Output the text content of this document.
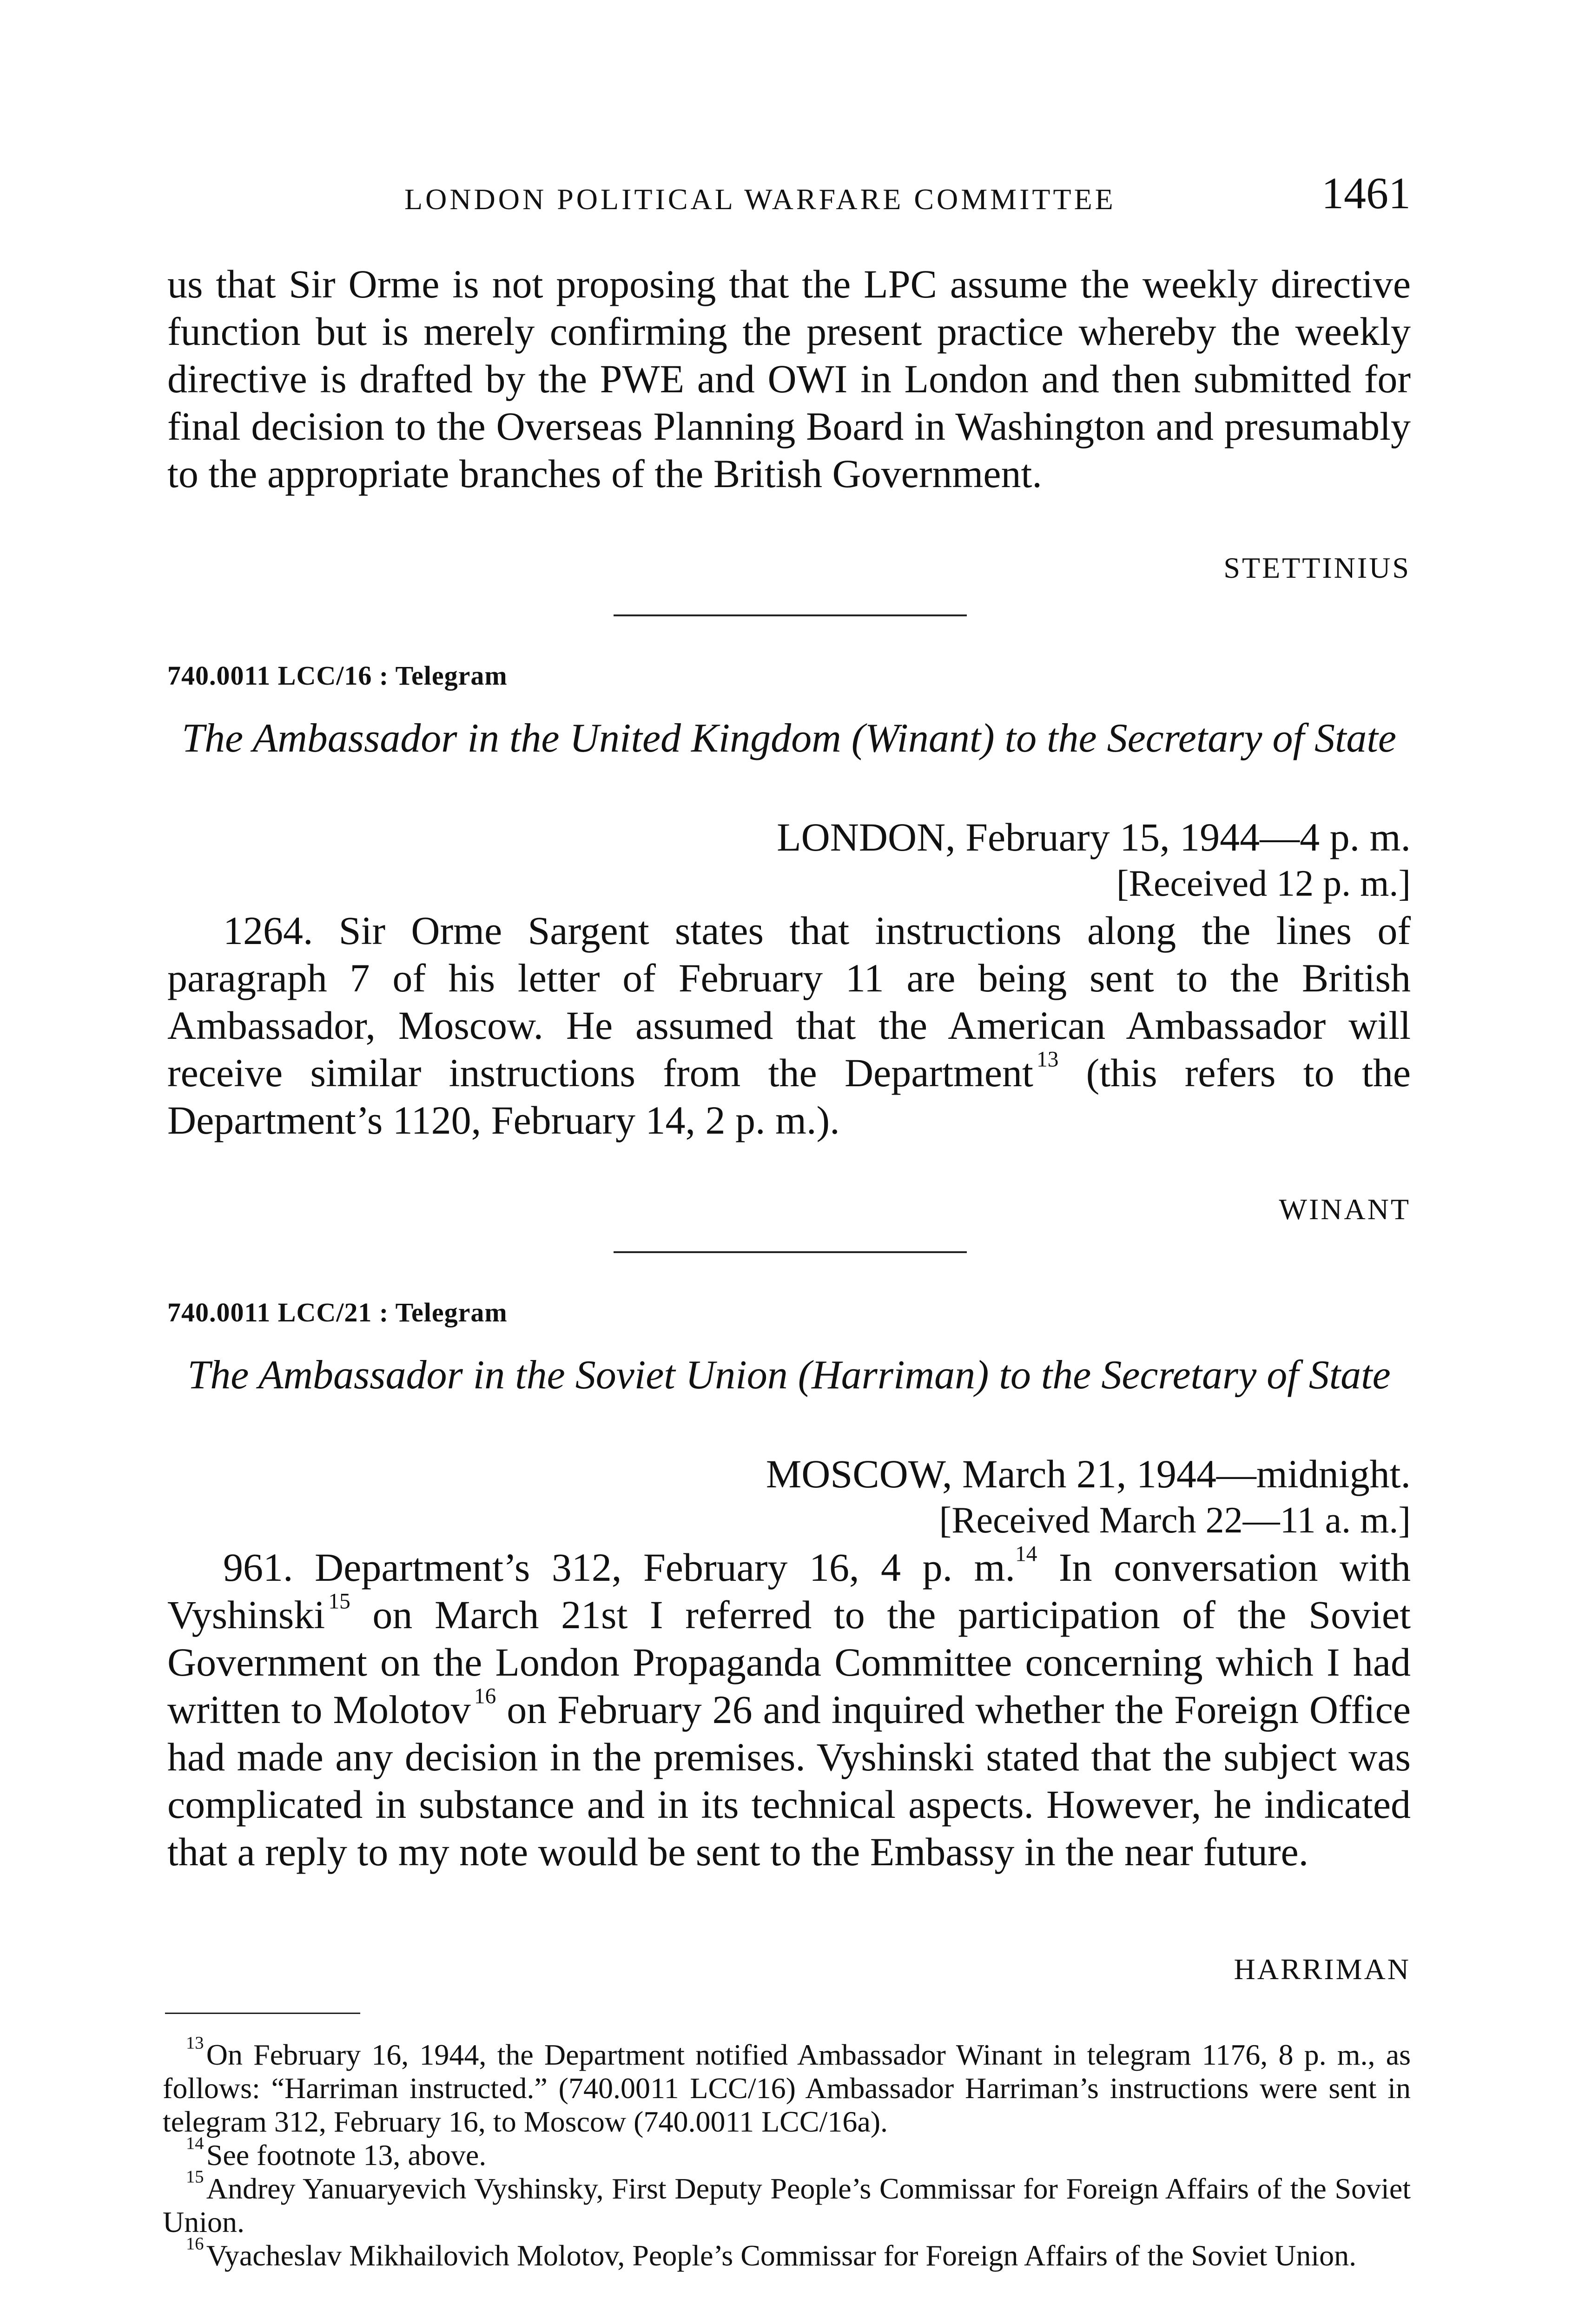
LONDON POLITICAL WARFARE COMMITTEE	1461

us that Sir Orme is not proposing that the LPC assume the weekly directive function but is merely confirming the present practice whereby the weekly directive is drafted by the PWE and OWI in London and then submitted for final decision to the Overseas Planning Board in Washington and presumably to the appropriate branches of the British Government.

STETTINIUS
740.0011 LCC/16 : Telegram

The Ambassador in the United Kingdom (Winant) to the Secretary of State

LONDON, February 15, 1944—4 p. m.
[Received 12 p. m.]

1264. Sir Orme Sargent states that instructions along the lines of paragraph 7 of his letter of February 11 are being sent to the British Ambassador, Moscow. He assumed that the American Ambassador will receive similar instructions from the Department  $^{13}$ (this refers to the Department’s 1120, February 14, 2 p. m.).

WINANT
740.0011 LCC/21 : Telegram

The Ambassador in the Soviet Union (Harriman) to the Secretary of State

MOSCOW, March 21, 1944—midnight.
[Received March 22—11 a. m.]

961. Department’s 312, February 16, 4 p. m.$^{14}$ In conversation with Vyshinski  $^{15}$ on March 21st I referred to the participation of the Soviet Government on the London Propaganda Committee concerning which I had written to Molotov  $^{16}$ on February 26 and inquired whether the Foreign Office had made any decision in the premises. Vyshinski stated that the subject was complicated in substance and in its technical aspects. However, he indicated that a reply to my note would be sent to the Embassy in the near future.

HARRIMAN

$^{13}$ On February 16, 1944, the Department notified Ambassador Winant in telegram 1176, 8 p. m., as follows: “Harriman instructed.” (740.0011 LCC/16) Ambassador Harriman’s instructions were sent in telegram 312, February 16, to Moscow (740.0011 LCC/16a).

$^{14}$ See footnote 13, above.

$^{15}$ Andrey Yanuaryevich Vyshinsky, First Deputy People’s Commissar for Foreign Affairs of the Soviet Union.

$^{16}$ Vyacheslav Mikhailovich Molotov, People’s Commissar for Foreign Affairs of the Soviet Union.
